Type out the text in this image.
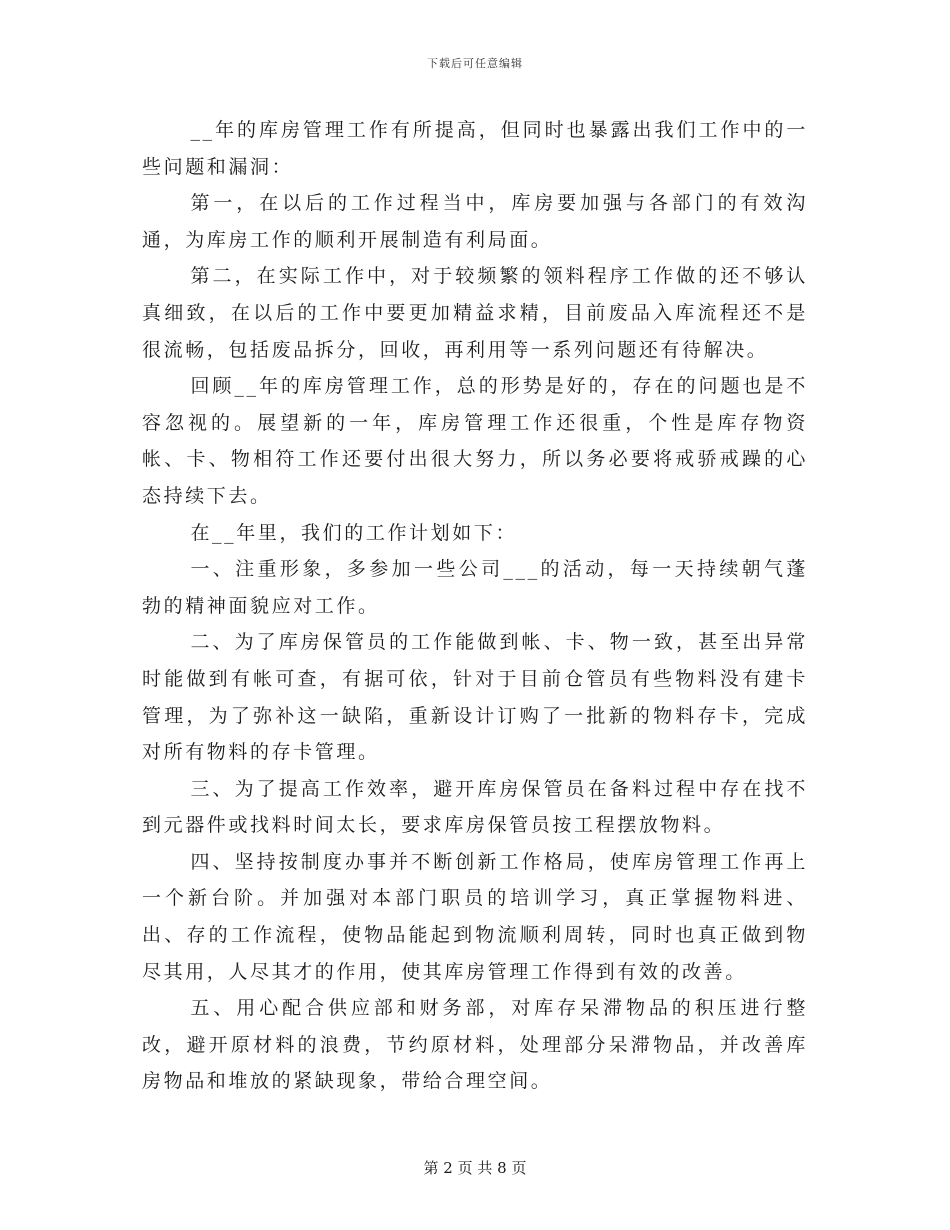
下载后可任意编辑

__年的库房管理工作有所提高，但同时也暴露出我们工作中的一些问题和漏洞：

第一，在以后的工作过程当中，库房要加强与各部门的有效沟通，为库房工作的顺利开展制造有利局面。

第二，在实际工作中，对于较频繁的领料程序工作做的还不够认真细致，在以后的工作中要更加精益求精，目前废品入库流程还不是很流畅，包括废品拆分，回收，再利用等一系列问题还有待解决。

回顾__年的库房管理工作，总的形势是好的，存在的问题也是不容忽视的。展望新的一年，库房管理工作还很重，个性是库存物资帐、卡、物相符工作还要付出很大努力，所以务必要将戒骄戒躁的心态持续下去。

在__年里，我们的工作计划如下：

一、注重形象，多参加一些公司___的活动，每一天持续朝气蓬勃的精神面貌应对工作。

二、为了库房保管员的工作能做到帐、卡、物一致，甚至出异常时能做到有帐可查，有据可依，针对于目前仓管员有些物料没有建卡管理，为了弥补这一缺陷，重新设计订购了一批新的物料存卡，完成对所有物料的存卡管理。

三、为了提高工作效率，避开库房保管员在备料过程中存在找不到元器件或找料时间太长，要求库房保管员按工程摆放物料。

四、坚持按制度办事并不断创新工作格局，使库房管理工作再上一个新台阶。并加强对本部门职员的培训学习，真正掌握物料进、出、存的工作流程，使物品能起到物流顺利周转，同时也真正做到物尽其用，人尽其才的作用，使其库房管理工作得到有效的改善。

五、用心配合供应部和财务部，对库存呆滞物品的积压进行整改，避开原材料的浪费，节约原材料，处理部分呆滞物品，并改善库房物品和堆放的紧缺现象，带给合理空间。

第 2 页 共 8 页
